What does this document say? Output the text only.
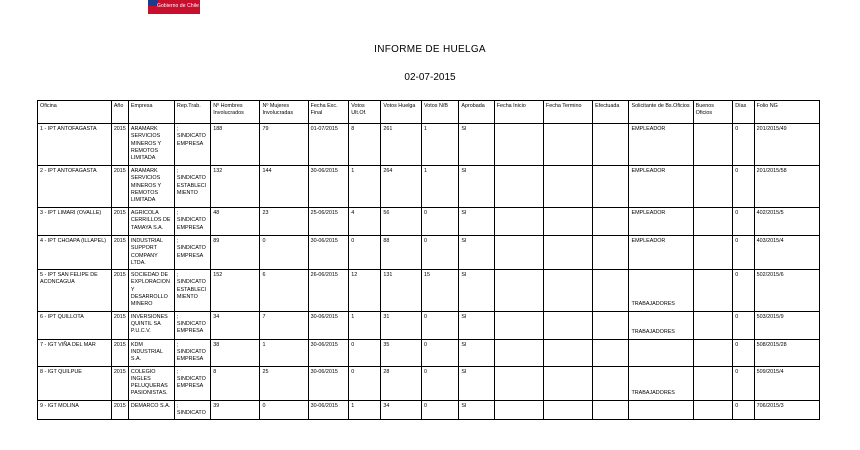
Gobierno de Chile
INFORME DE HUELGA
02-07-2015
Oficina	Año	Empresa	Rep.Trab.	Nº Hombres Involucrados	Nº Mujeres Involucradas	Fecha Exc. Final	Votos Ult.Of.	Votos Huelga	Votos N/B	Aprobada	Fecha Inicio	Fecha Termino	Efectuada	Solicitante de Bs.Oficios	Buenos Oficios	Días	Folio NG
1 - IPT ANTOFAGASTA	2015	ARAMARK SERVICIOS MINEROS Y REMOTOS LIMITADA	; SINDICATO EMPRESA	188	79	01-07/2015	8	261	1	SI				EMPLEADOR		0	201/2015/49
2 - IPT ANTOFAGASTA	2015	ARAMARK SERVICIOS MINEROS Y REMOTOS LIMITADA	; SINDICATO ESTABLECIMIENTO	132	144	30-06/2015	1	264	1	SI				EMPLEADOR		0	201/2015/58
3 - IPT LIMARI (OVALLE)	2015	AGRICOLA CERRILLOS DE TAMAYA S.A.	; SINDICATO EMPRESA	48	23	25-06/2015	4	56	0	SI				EMPLEADOR		0	402/2015/5
4 - IPT CHOAPA (ILLAPEL)	2015	INDUSTRIAL SUPPORT COMPANY LTDA.	; SINDICATO EMPRESA	89	0	30-06/2015	0	88	0	SI				EMPLEADOR		0	403/2015/4
5 - IPT SAN FELIPE DE ACONCAGUA	2015	SOCIEDAD DE EXPLORACION Y DESARROLLO MINERO	; SINDICATO ESTABLECIMIENTO	152	6	26-06/2015	12	131	15	SI				TRABAJADORES		0	502/2015/6
6 - IPT QUILLOTA	2015	INVERSIONES QUINTIL SA P.U.C.V.	; SINDICATO EMPRESA	34	7	30-06/2015	1	31	0	SI				TRABAJADORES		0	503/2015/9
7 - IGT VIÑA DEL MAR	2015	KDM INDUSTRIAL S.A.	; SINDICATO EMPRESA	38	1	30-06/2015	0	35	0	SI						0	508/2015/28
8 - IGT QUILPUE	2015	COLEGIO INGLES PELUQUERAS PASIONISTAS.	; SINDICATO EMPRESA	8	25	30-06/2015	0	28	0	SI				TRABAJADORES		0	509/2015/4
9 - IGT MOLINA	2015	DEMARCO S.A.	; SINDICATO	39	0	30-06/2015	1	34	0	SI						0	706/2015/3
